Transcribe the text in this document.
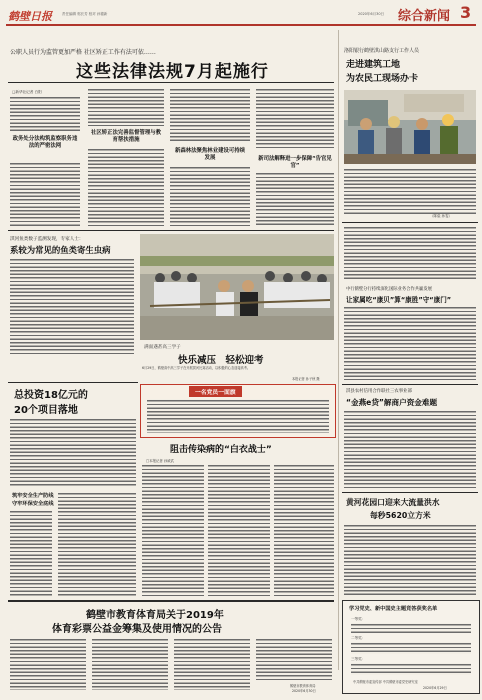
鹤壁日报	责任编辑 郭长芳 校对 孙德新	2020年6月30日 综合新闻 3
公职人员行为监管更加严格 社区矫正工作有法可依……
这些法律法规7月起施行
□新华社记者 白阳
政务处分法构筑监察职务违法的严密法网
社区矫正法完善监督管理与教育帮扶措施
新森林法聚焦林业建设可持续发展	新司法解释进一步保障“告官见官”
洛阳银行鹤壁淇山路支行工作人员
走进建筑工地
为农民工现场办卡
（陈骁 孙雯）
淇河鱼类数子监测发现，专家人士：
系较为常见的鱼类寄生虫病
满面遇甚高三学子
快乐减压　轻松迎考
6月29日，鹤壁高中高三学子在开展拔河比赛活动，以积极的心态迎接高考。
本报记者 孙子秋 摄
总投资18亿元的
20个项目落地
筑牢安全生产防线
守牢环保安全底线
一名党员一面旗
阻击传染病的“白衣战士”
□本报记者 孙威武
中行鹤壁分行持续深化国际业务合作共赢发展
让家属吃“康贝”算“康胜”守“康门”
淇县农村信用合作联社三农事业部
“金燕e贷”解商户资金难题
黄河花园口迎来大流量洪水
每秒5620立方米
鹤壁市教育体育局关于2019年
体育彩票公益金筹集及使用情况的公告
鹤壁市教育体育局
2020年6月30日
学习党史、新中国史主题竞答获奖名单
一等奖：
二等奖：
三等奖：
中共鹤壁市委宣传部 中共鹤壁市委党史研究室
2020年6月29日
